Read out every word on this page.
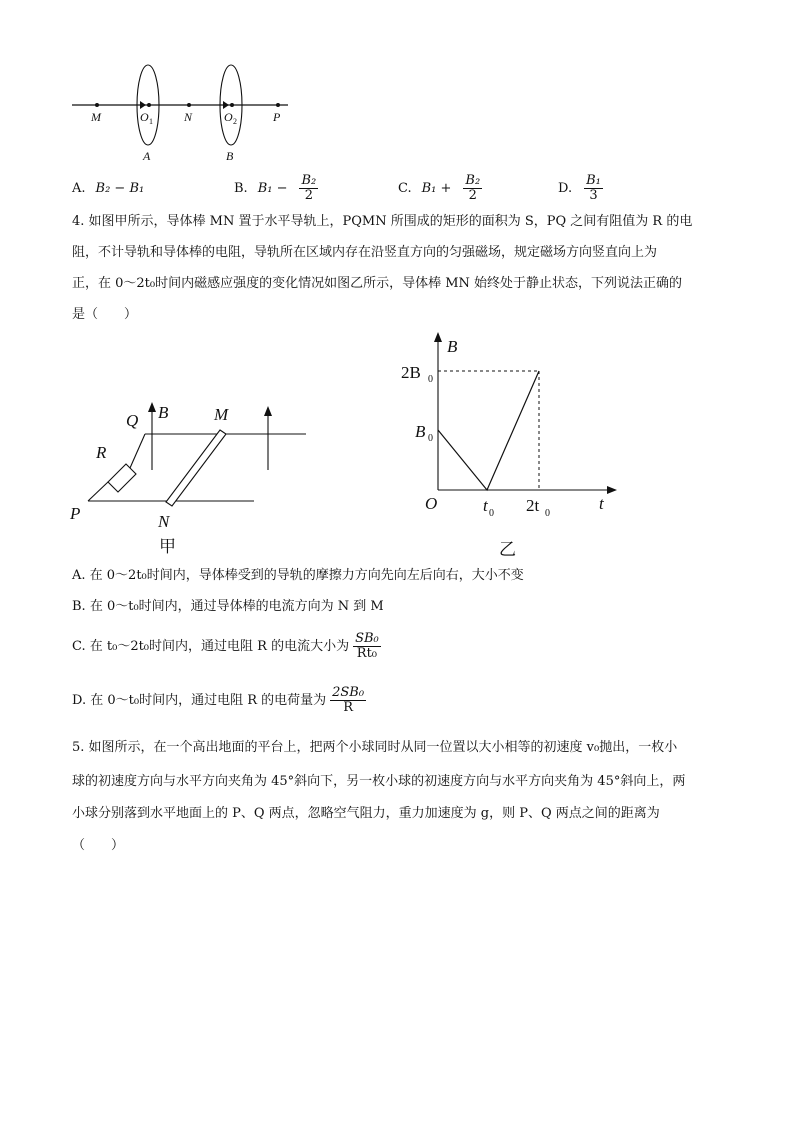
M	O 1	N	O 2	P
A	B
A. B₂ − B₁	B. $B_1 - \frac{\text{B₂}}{2}$	C. $B_1 + \frac{\text{B₂}}{2}$	D. $\frac{\text{B₁}}{3}$
4. 如图甲所示，导体棒 MN 置于水平导轨上，PQMN 所围成的矩形的面积为 S，PQ 之间有阻值为 R 的电
阻，不计导轨和导体棒的电阻，导轨所在区域内存在沿竖直方向的匀强磁场，规定磁场方向竖直向上为
正，在 0～2t₀时间内磁感应强度的变化情况如图乙所示，导体棒 MN 始终处于静止状态，下列说法正确的
是（　　）
Q B	M
R
P	N
甲
B
2B 0
B 0
O	t 0 2t 0
t
乙
A. 在 0～2t₀时间内，导体棒受到的导轨的摩擦力方向先向左后向右，大小不变
B. 在 0～t₀时间内，通过导体棒的电流方向为 N 到 M
C. 在 t₀～2t₀时间内，通过电阻 R 的电流大小为 $\frac{\text{SB₀}}{\text{Rt₀}}$
D. 在 0～t₀时间内，通过电阻 R 的电荷量为 $\frac{\text{2SB₀}}{R}$
5. 如图所示，在一个高出地面的平台上，把两个小球同时从同一位置以大小相等的初速度 v₀抛出，一枚小
球的初速度方向与水平方向夹角为 45°斜向下，另一枚小球的初速度方向与水平方向夹角为 45°斜向上，两
小球分别落到水平地面上的 P、Q 两点，忽略空气阻力，重力加速度为 g，则 P、Q 两点之间的距离为
（　　）
